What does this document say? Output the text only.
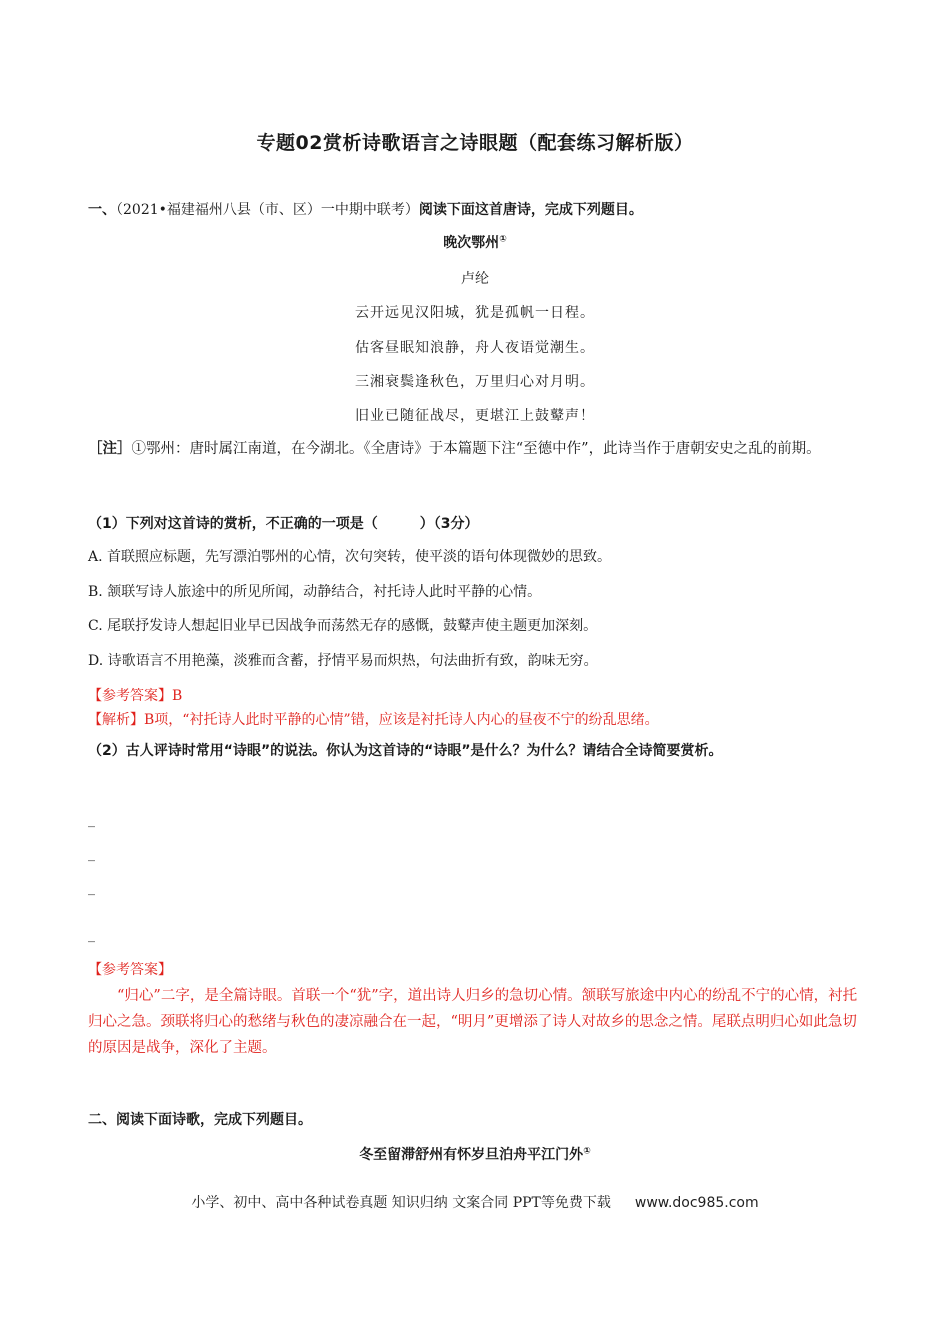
专题02赏析诗歌语言之诗眼题（配套练习解析版）
一、（2021•福建福州八县（市、区）一中期中联考）阅读下面这首唐诗，完成下列题目。
晚次鄂州①
卢纶
云开远见汉阳城，犹是孤帆一日程。
估客昼眠知浪静，舟人夜语觉潮生。
三湘衰鬓逢秋色，万里归心对月明。
旧业已随征战尽，更堪江上鼓鼙声！
［注］①鄂州：唐时属江南道，在今湖北。《全唐诗》于本篇题下注“至德中作”，此诗当作于唐朝安史之乱的前期。
（1）下列对这首诗的赏析，不正确的一项是（　　　）（3分）
A. 首联照应标题，先写漂泊鄂州的心情，次句突转，使平淡的语句体现微妙的思致。
B. 颔联写诗人旅途中的所见所闻，动静结合，衬托诗人此时平静的心情。
C. 尾联抒发诗人想起旧业早已因战争而荡然无存的感慨，鼓鼙声使主题更加深刻。
D. 诗歌语言不用艳藻，淡雅而含蓄，抒情平易而炽热，句法曲折有致，韵味无穷。
【参考答案】B
【解析】B项，“衬托诗人此时平静的心情”错，应该是衬托诗人内心的昼夜不宁的纷乱思绪。
（2）古人评诗时常用“诗眼”的说法。你认为这首诗的“诗眼”是什么？为什么？请结合全诗简要赏析。
_
_
_
_
【参考答案】
“归心”二字，是全篇诗眼。首联一个“犹”字，道出诗人归乡的急切心情。颔联写旅途中内心的纷乱不宁的心情，衬托归心之急。颈联将归心的愁绪与秋色的凄凉融合在一起，“明月”更增添了诗人对故乡的思念之情。尾联点明归心如此急切的原因是战争，深化了主题。
二、阅读下面诗歌，完成下列题目。
冬至留滞舒州有怀岁旦泊舟平江门外①
小学、初中、高中各种试卷真题 知识归纳 文案合同 PPT等免费下载 www.doc985.com
